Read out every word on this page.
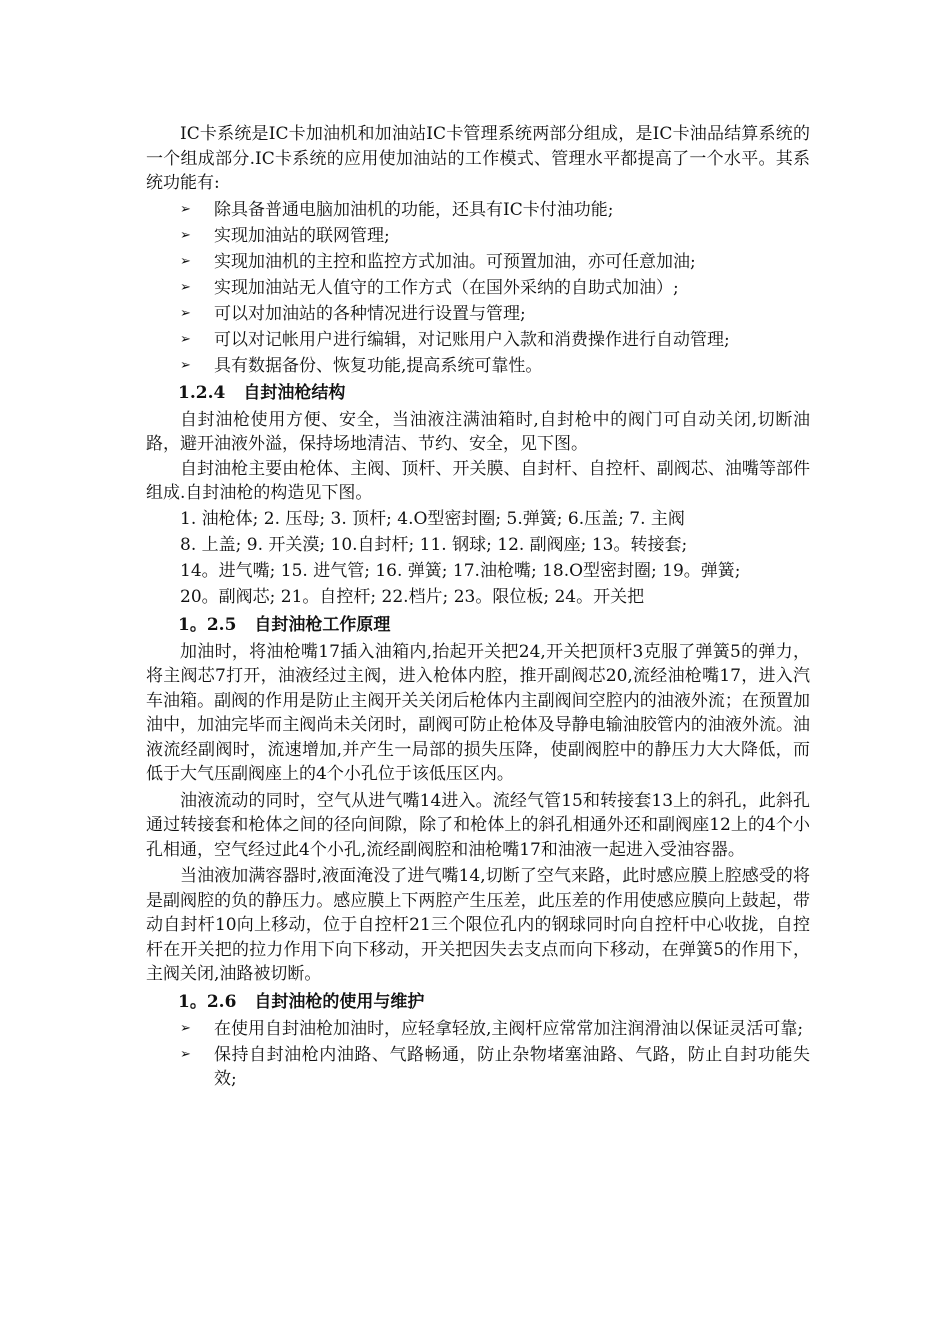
IC卡系统是IC卡加油机和加油站IC卡管理系统两部分组成，是IC卡油品结算系统的一个组成部分.IC卡系统的应用使加油站的工作模式、管理水平都提高了一个水平。其系统功能有:

➢	除具备普通电脑加油机的功能，还具有IC卡付油功能;
➢	实现加油站的联网管理;
➢	实现加油机的主控和监控方式加油。可预置加油，亦可任意加油;
➢	实现加油站无人值守的工作方式（在国外采纳的自助式加油）;
➢	可以对加油站的各种情况进行设置与管理;
➢	可以对记帐用户进行编辑，对记账用户入款和消费操作进行自动管理;
➢	具有数据备份、恢复功能,提高系统可靠性。
1.2.4 自封油枪结构

自封油枪使用方便、安全，当油液注满油箱时,自封枪中的阀门可自动关闭,切断油路，避开油液外溢，保持场地清洁、节约、安全，见下图。

自封油枪主要由枪体、主阀、顶杆、开关膜、自封杆、自控杆、副阀芯、油嘴等部件组成.自封油枪的构造见下图。

1. 油枪体; 2. 压母; 3. 顶杆; 4.O型密封圈; 5.弹簧; 6.压盖; 7. 主阀

8. 上盖; 9. 开关漠; 10.自封杆; 11. 钢球; 12. 副阀座; 13。转接套;

14。进气嘴; 15. 进气管; 16. 弹簧; 17.油枪嘴; 18.O型密封圈; 19。弹簧;

20。副阀芯; 21。自控杆; 22.档片; 23。限位板; 24。开关把

1。2.5 自封油枪工作原理

加油时，将油枪嘴17插入油箱内,抬起开关把24,开关把顶杆3克服了弹簧5的弹力，将主阀芯7打开，油液经过主阀，进入枪体内腔，推开副阀芯20,流经油枪嘴17，进入汽车油箱。副阀的作用是防止主阀开关关闭后枪体内主副阀间空腔内的油液外流；在预置加油中，加油完毕而主阀尚未关闭时，副阀可防止枪体及导静电输油胶管内的油液外流。油液流经副阀时，流速增加,并产生一局部的损失压降，使副阀腔中的静压力大大降低，而低于大气压副阀座上的4个小孔位于该低压区内。

油液流动的同时，空气从进气嘴14进入。流经气管15和转接套13上的斜孔，此斜孔通过转接套和枪体之间的径向间隙，除了和枪体上的斜孔相通外还和副阀座12上的4个小孔相通，空气经过此4个小孔,流经副阀腔和油枪嘴17和油液一起进入受油容器。

当油液加满容器时,液面淹没了进气嘴14,切断了空气来路，此时感应膜上腔感受的将是副阀腔的负的静压力。感应膜上下两腔产生压差，此压差的作用使感应膜向上鼓起，带动自封杆10向上移动，位于自控杆21三个限位孔内的钢球同时向自控杆中心收拢，自控杆在开关把的拉力作用下向下移动，开关把因失去支点而向下移动，在弹簧5的作用下，主阀关闭,油路被切断。

1。2.6 自封油枪的使用与维护
➢	在使用自封油枪加油时，应轻拿轻放,主阀杆应常常加注润滑油以保证灵活可靠;
➢	保持自封油枪内油路、气路畅通，防止杂物堵塞油路、气路，防止自封功能失效;
